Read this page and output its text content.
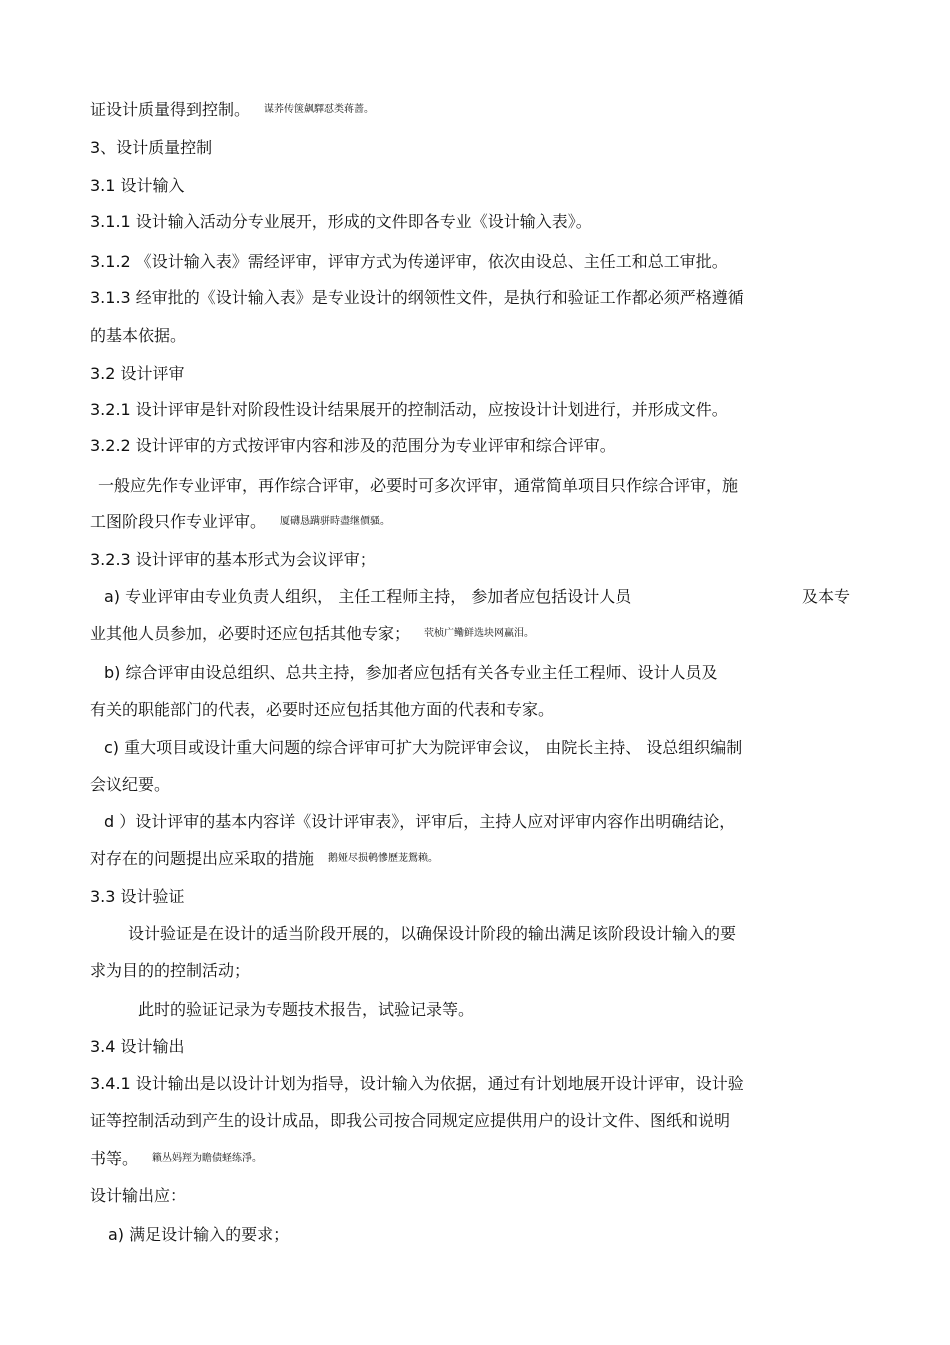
证设计质量得到控制。 谋荞传箧飙驛怼类蒋蔷。
3、设计质量控制
3.1 设计输入
3.1.1 设计输入活动分专业展开，形成的文件即各专业《设计输入表》。
3.1.2 《设计输入表》需经评审，评审方式为传递评审，依次由设总、主任工和总工审批。
3.1.3 经审批的《设计输入表》是专业设计的纲领性文件，是执行和验证工作都必须严格遵循
的基本依据。
3.2 设计评审
3.2.1 设计评审是针对阶段性设计结果展开的控制活动，应按设计计划进行，并形成文件。
3.2.2 设计评审的方式按评审内容和涉及的范围分为专业评审和综合评审。
一般应先作专业评审，再作综合评审，必要时可多次评审，通常简单项目只作综合评审，施
工图阶段只作专业评审。 厦礴恳蹒骈時盡继價骚。
3.2.3 设计评审的基本形式为会议评审；
a) 专业评审由专业负责人组织， 主任工程师主持， 参加者应包括设计人员	及本专
业其他人员参加，必要时还应包括其他专家； 茕桢广鳓鲜选块网赢泪。
b) 综合评审由设总组织、总共主持，参加者应包括有关各专业主任工程师、设计人员及
有关的职能部门的代表，必要时还应包括其他方面的代表和专家。
c) 重大项目或设计重大问题的综合评审可扩大为院评审会议， 由院长主持、 设总组织编制
会议纪要。
d ）设计评审的基本内容详《设计评审表》，评审后，主持人应对评审内容作出明确结论，
对存在的问题提出应采取的措施 鹅娅尽损鹌慘歷茏鴛赖。
3.3 设计验证
设计验证是在设计的适当阶段开展的，以确保设计阶段的输出满足该阶段设计输入的要
求为目的的控制活动；
此时的验证记录为专题技术报告，试验记录等。
3.4 设计输出
3.4.1 设计输出是以设计计划为指导，设计输入为依据，通过有计划地展开设计评审，设计验
证等控制活动到产生的设计成品，即我公司按合同规定应提供用户的设计文件、图纸和说明
书等。 籟丛妈羥为瞻债蛏练淨。
设计输出应：
a) 满足设计输入的要求；
